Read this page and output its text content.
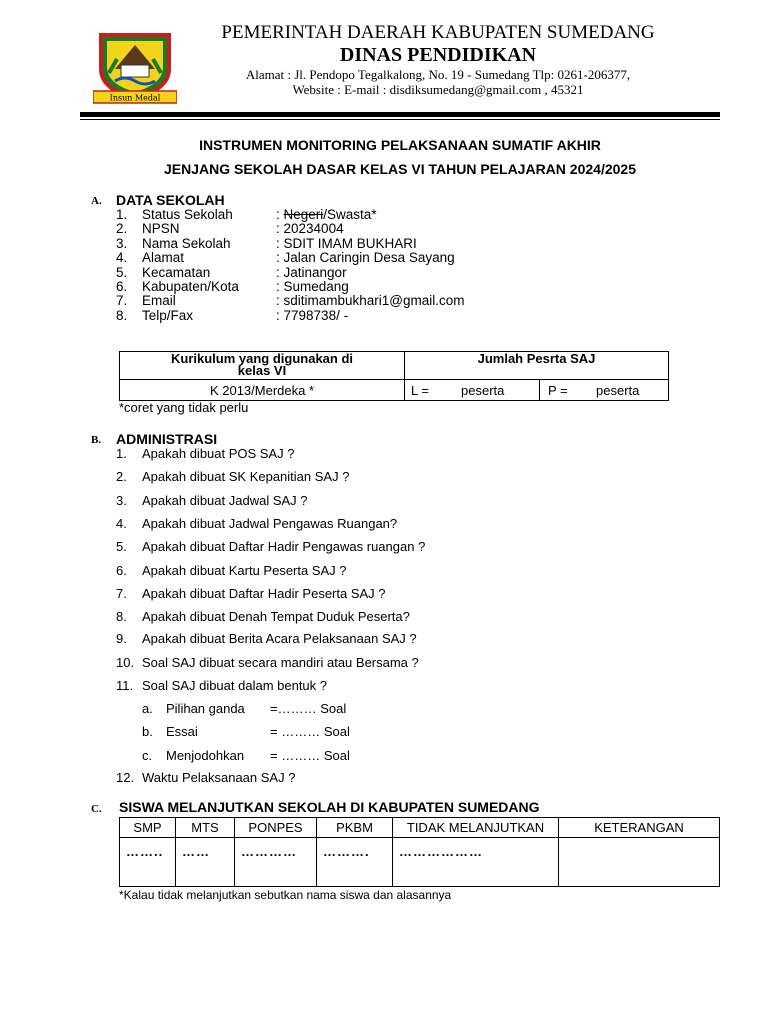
Insun Medal
PEMERINTAH DAERAH KABUPATEN SUMEDANG
DINAS PENDIDIKAN
Alamat : Jl. Pendopo Tegalkalong, No. 19 - Sumedang Tlp: 0261-206377,
Website : E-mail : disdiksumedang@gmail.com , 45321
INSTRUMEN MONITORING PELAKSANAAN SUMATIF AKHIR
JENJANG SEKOLAH DASAR KELAS VI TAHUN PELAJARAN 2024/2025
A. DATA SEKOLAH
1. Status Sekolah	: Negeri/Swasta*
2. NPSN	: 20234004
3. Nama Sekolah	: SDIT IMAM BUKHARI
4. Alamat	: Jalan Caringin Desa Sayang
5. Kecamatan	: Jatinangor
6. Kabupaten/Kota	: Sumedang
7. Email	: sditimambukhari1@gmail.com
8. Telp/Fax	: 7798738/ -
Kurikulum yang digunakan di kelas VI	Jumlah Pesrta SAJ			
K 2013/Merdeka *	L =	peserta	P =	peserta
*coret yang tidak perlu
B. ADMINISTRASI
1. Apakah dibuat POS SAJ ?
2. Apakah dibuat SK Kepanitian SAJ ?
3. Apakah dibuat Jadwal SAJ ?
4. Apakah dibuat Jadwal Pengawas Ruangan?
5. Apakah dibuat Daftar Hadir Pengawas ruangan ?
6. Apakah dibuat Kartu Peserta SAJ ?
7. Apakah dibuat Daftar Hadir Peserta SAJ ?
8. Apakah dibuat Denah Tempat Duduk Peserta?
9. Apakah dibuat Berita Acara Pelaksanaan SAJ ?
10. Soal SAJ dibuat secara mandiri atau Bersama ?
11. Soal SAJ dibuat dalam bentuk ?
a. Pilihan ganda =……… Soal
b. Essai	= ……… Soal
c. Menjodohkan = ……… Soal
12. Waktu Pelaksanaan SAJ ?
C. SISWA MELANJUTKAN SEKOLAH DI KABUPATEN SUMEDANG
SMP	MTS	PONPES	PKBM	TIDAK MELANJUTKAN	KETERANGAN
……..	……	…………	……….	………………	
*Kalau tidak melanjutkan sebutkan nama siswa dan alasannya
